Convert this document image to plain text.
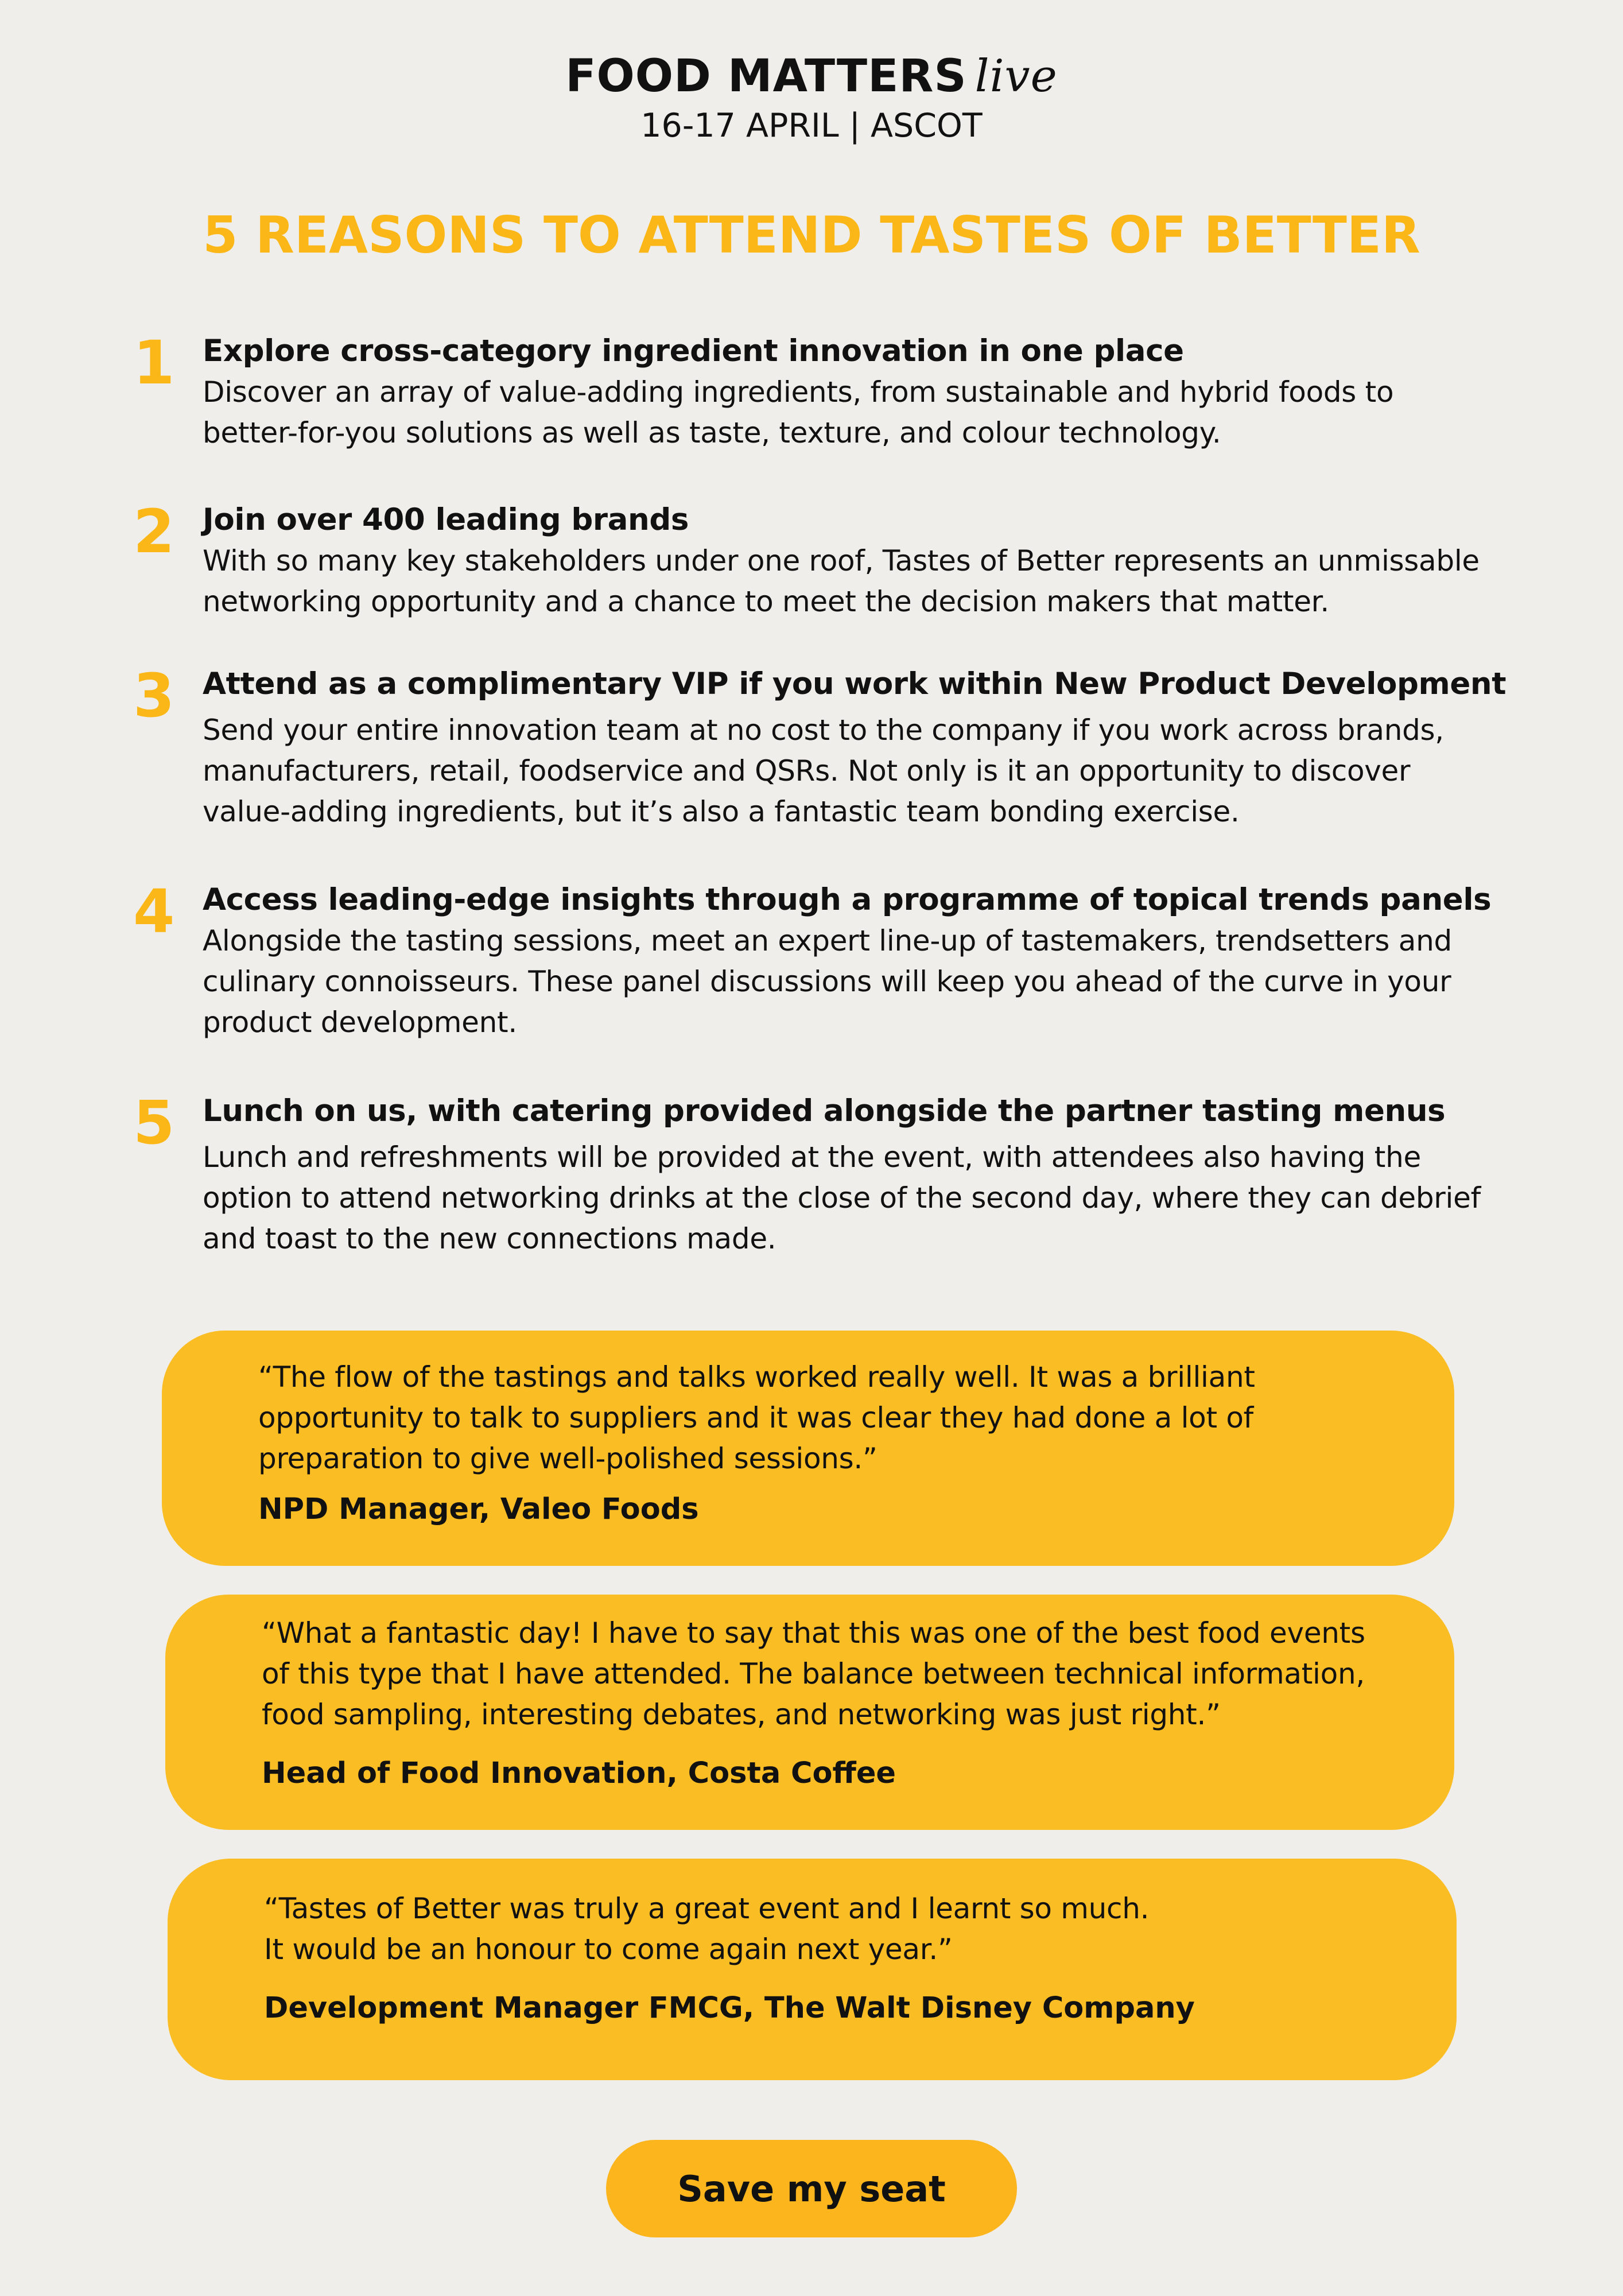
FOOD MATTERS live
16-17 APRIL | ASCOT
5 REASONS TO ATTEND TASTES OF BETTER
1 Explore cross-category ingredient innovation in one place

Discover an array of value-adding ingredients, from sustainable and hybrid foods to

better-for-you solutions as well as taste, texture, and colour technology.

2 Join over 400 leading brands

With so many key stakeholders under one roof, Tastes of Better represents an unmissable

networking opportunity and a chance to meet the decision makers that matter.

3 Attend as a complimentary VIP if you work within New Product Development

Send your entire innovation team at no cost to the company if you work across brands,

manufacturers, retail, foodservice and QSRs. Not only is it an opportunity to discover

value-adding ingredients, but it’s also a fantastic team bonding exercise.

4 Access leading-edge insights through a programme of topical trends panels

Alongside the tasting sessions, meet an expert line-up of tastemakers, trendsetters and

culinary connoisseurs. These panel discussions will keep you ahead of the curve in your

product development.

5 Lunch on us, with catering provided alongside the partner tasting menus

Lunch and refreshments will be provided at the event, with attendees also having the

option to attend networking drinks at the close of the second day, where they can debrief

and toast to the new connections made.

“The flow of the tastings and talks worked really well. It was a brilliant

opportunity to talk to suppliers and it was clear they had done a lot of

preparation to give well-polished sessions.”

NPD Manager, Valeo Foods

“What a fantastic day! I have to say that this was one of the best food events

of this type that I have attended. The balance between technical information,

food sampling, interesting debates, and networking was just right.”

Head of Food Innovation, Costa Coffee

“Tastes of Better was truly a great event and I learnt so much.

It would be an honour to come again next year.”

Development Manager FMCG, The Walt Disney Company

Save my seat
